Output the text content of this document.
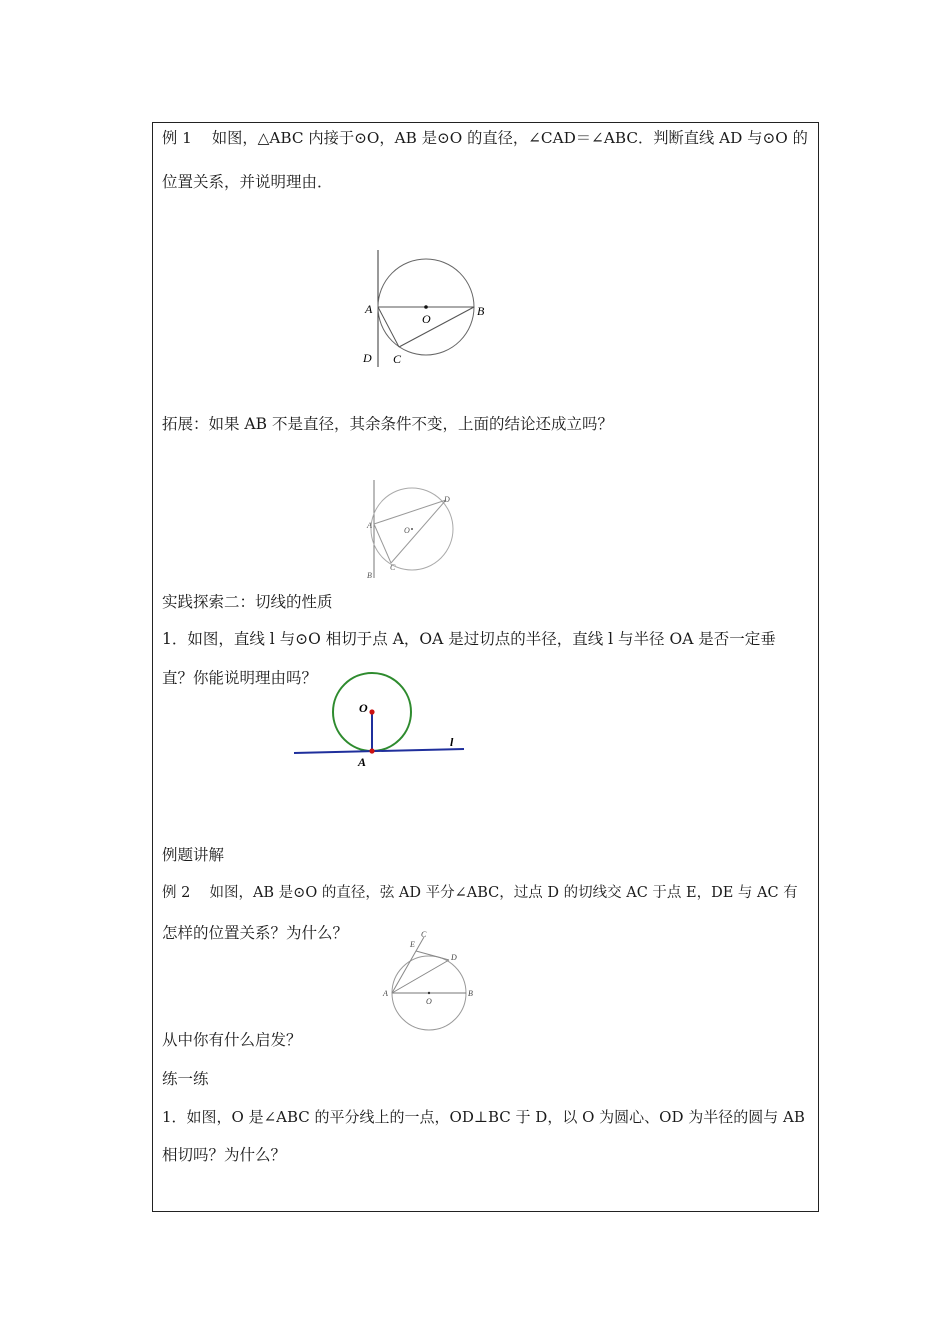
例 1　 如图，△ABC 内接于⊙O，AB 是⊙O 的直径，∠CAD＝∠ABC．判断直线 AD 与⊙O 的
位置关系，并说明理由．
A	B
O
C
D
拓展：如果 AB 不是直径，其余条件不变，上面的结论还成立吗？
A
D
O
C
B
实践探索二：切线的性质
1．如图，直线 l 与⊙O 相切于点 A，OA 是过切点的半径，直线 l 与半径 OA 是否一定垂
直？你能说明理由吗？
O
A
l
例题讲解
例 2　 如图，AB 是⊙O 的直径，弦 AD 平分∠ABC，过点 D 的切线交 AC 于点 E，DE 与 AC 有
怎样的位置关系？为什么？
A	B
O
C
D
E
从中你有什么启发？
练一练
1．如图，O 是∠ABC 的平分线上的一点，OD⊥BC 于 D，以 O 为圆心、OD 为半径的圆与 AB
相切吗？为什么？
